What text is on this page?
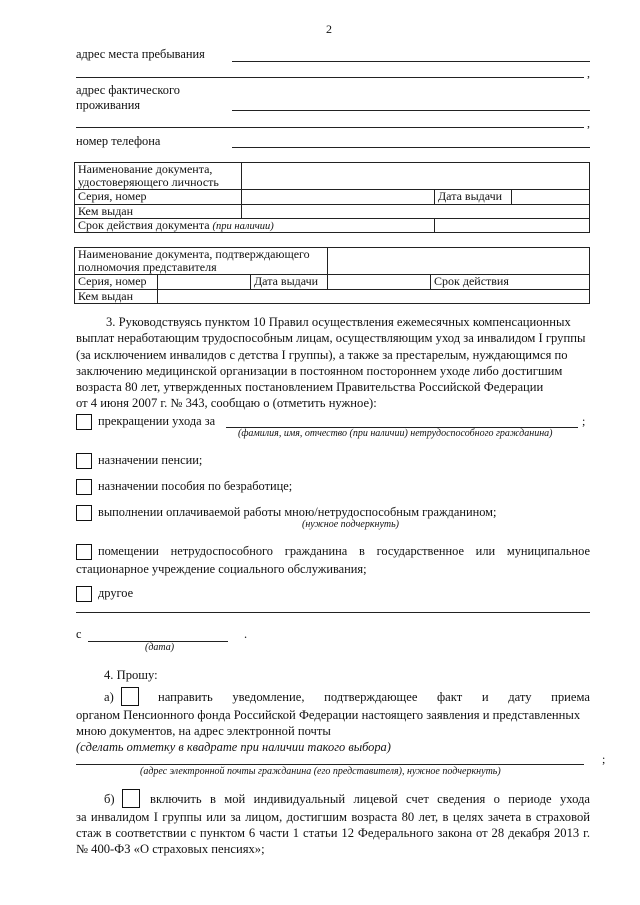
2
адрес места пребывания
,
адрес фактического
проживания
,
номер телефона
Наименование документа,
удостоверяющего личность			
Серия, номер		Дата выдачи	
Кем выдан			
Срок действия документа (при наличии)			
Наименование документа, подтверждающего
полномочия представителя				
Серия, номер		Дата выдачи		Срок действия
Кем выдан				
3. Руководствуясь пунктом 10 Правил осуществления ежемесячных компенсационных
выплат неработающим трудоспособным лицам, осуществляющим уход за инвалидом I группы
(за исключением инвалидов с детства I группы), а также за престарелым, нуждающимся по
заключению медицинской организации в постоянном постороннем уходе либо достигшим
возраста 80 лет, утвержденных постановлением Правительства Российской Федерации
от 4 июня 2007 г. № 343, сообщаю о (отметить нужное):
прекращении ухода за	;
(фамилия, имя, отчество (при наличии) нетрудоспособного гражданина)
назначении пенсии;
назначении пособия по безработице;
выполнении оплачиваемой работы мною/нетрудоспособным гражданином;
(нужное подчеркнуть)
помещении нетрудоспособного гражданина в государственное или муниципальное
стационарное учреждение социального обслуживания;
другое
с	.
(дата)
4. Прошу:
а)	направить уведомление, подтверждающее факт и дату приема
органом Пенсионного фонда Российской Федерации настоящего заявления и представленных
мною документов, на адрес электронной почты
(сделать отметку в квадрате при наличии такого выбора)
;
(адрес электронной почты гражданина (его представителя), нужное подчеркнуть)
б)	включить в мой индивидуальный лицевой счет сведения о периоде ухода
за инвалидом I группы или за лицом, достигшим возраста 80 лет, в целях зачета в страховой
стаж в соответствии с пунктом 6 части 1 статьи 12 Федерального закона от 28 декабря 2013 г.
№ 400-ФЗ «О страховых пенсиях»;
